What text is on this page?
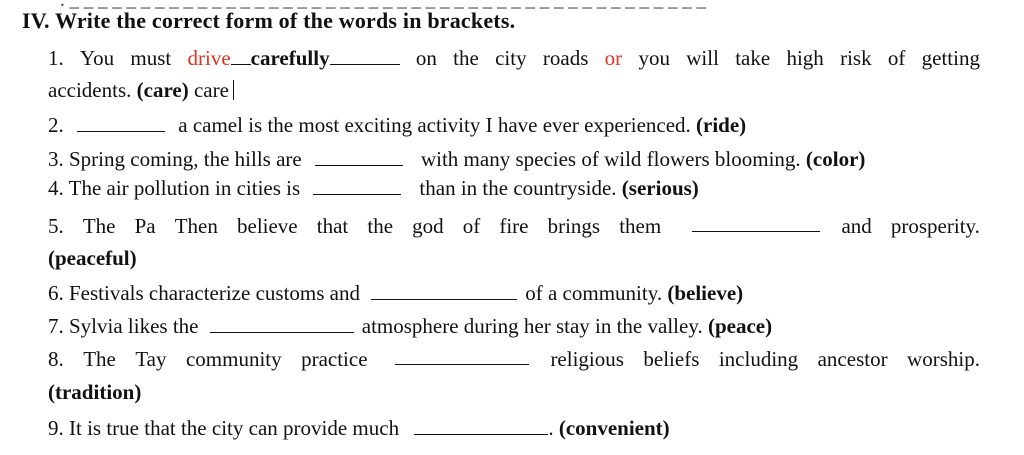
. _ _ _ _ _ _ _ _ _ _ _ _ _ _ _ _ _ _ _ _ _ _ _ _ _ _ _ _ _ _ _ _ _ _ _ _ _ _ _ _ _ _ _ _ _
IV. Write the correct form of the words in brackets.
1. You must drive carefully	on the city roads or you will take high risk of getting
accidents. (care) care
2.	a camel is the most exciting activity I have ever experienced. (ride)
3. Spring coming, the hills are	with many species of wild flowers blooming. (color)
4. The air pollution in cities is	than in the countryside. (serious)
5. The Pa Then believe that the god of fire brings them	and prosperity.
(peaceful)
6. Festivals characterize customs and	of a community. (believe)
7. Sylvia likes the	atmosphere during her stay in the valley. (peace)
8. The Tay community practice	religious beliefs including ancestor worship.
(tradition)
9. It is true that the city can provide much	. (convenient)
